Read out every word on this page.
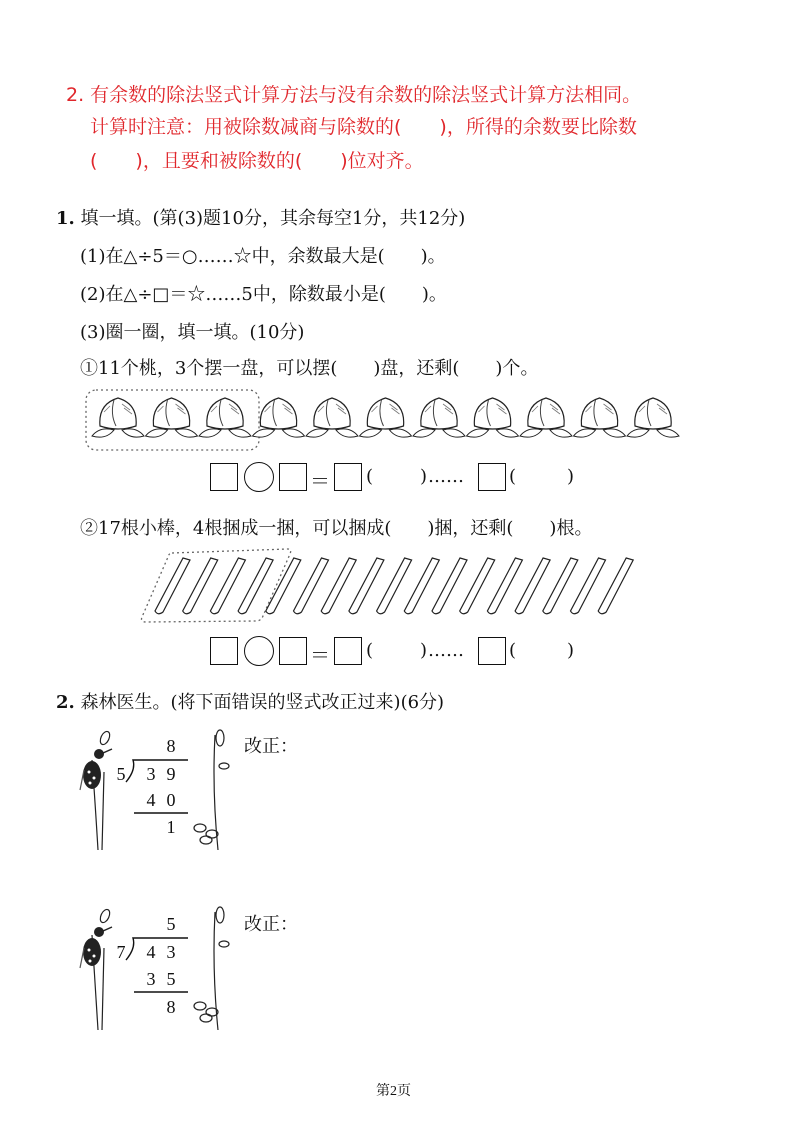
2. 有余数的除法竖式计算方法与没有余数的除法竖式计算方法相同。
计算时注意：用被除数减商与除数的(　　)，所得的余数要比除数
(　　)，且要和被除数的(　　)位对齐。
1. 填一填。(第(3)题10分，其余每空1分，共12分)
(1)在△÷5＝○……☆中，余数最大是(　　)。
(2)在△÷□＝☆……5中，除数最小是(　　)。
(3)圈一圈，填一填。(10分)
①11个桃，3个摆一盘，可以摆(　　)盘，还剩(　　)个。
＝ (	) ……	(	)
②17根小棒，4根捆成一捆，可以捆成(　　)捆，还剩(　　)根。
＝ (	) ……	(	)
2. 森林医生。(将下面错误的竖式改正过来)(6分)
8
5	3 9
4 0
1
改正：
5
7	4 3
3 5
8
改正：
第2页
